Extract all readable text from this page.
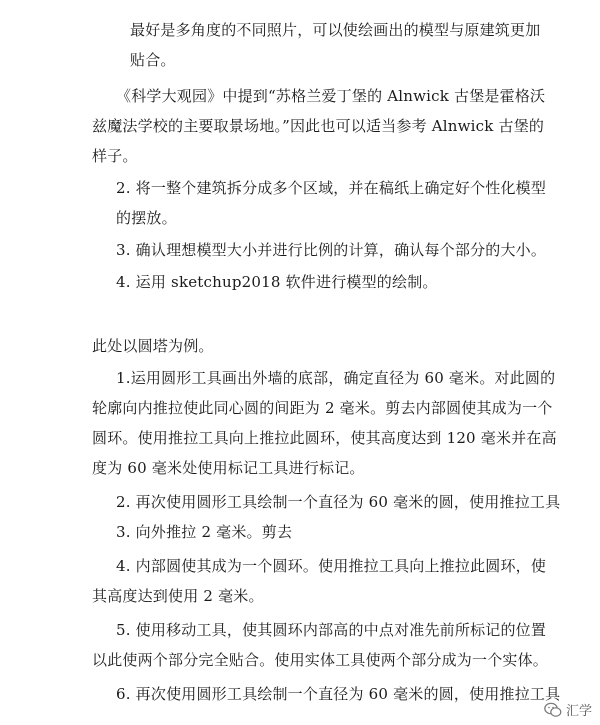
最好是多角度的不同照片，可以使绘画出的模型与原建筑更加
贴合。
《科学大观园》中提到“苏格兰爱丁堡的 Alnwick 古堡是霍格沃
兹魔法学校的主要取景场地。”因此也可以适当参考 Alnwick 古堡的
样子。
2. 将一整个建筑拆分成多个区域，并在稿纸上确定好个性化模型
的摆放。
3. 确认理想模型大小并进行比例的计算，确认每个部分的大小。
4. 运用 sketchup2018 软件进行模型的绘制。
此处以圆塔为例。
1.运用圆形工具画出外墙的底部，确定直径为 60 毫米。对此圆的
轮廓向内推拉使此同心圆的间距为 2 毫米。剪去内部圆使其成为一个
圆环。使用推拉工具向上推拉此圆环，使其高度达到 120 毫米并在高
度为 60 毫米处使用标记工具进行标记。
2. 再次使用圆形工具绘制一个直径为 60 毫米的圆，使用推拉工具
3. 向外推拉 2 毫米。剪去
4. 内部圆使其成为一个圆环。使用推拉工具向上推拉此圆环，使
其高度达到使用 2 毫米。
5. 使用移动工具，使其圆环内部高的中点对准先前所标记的位置
以此使两个部分完全贴合。使用实体工具使两个部分成为一个实体。
6. 再次使用圆形工具绘制一个直径为 60 毫米的圆，使用推拉工具
汇学
